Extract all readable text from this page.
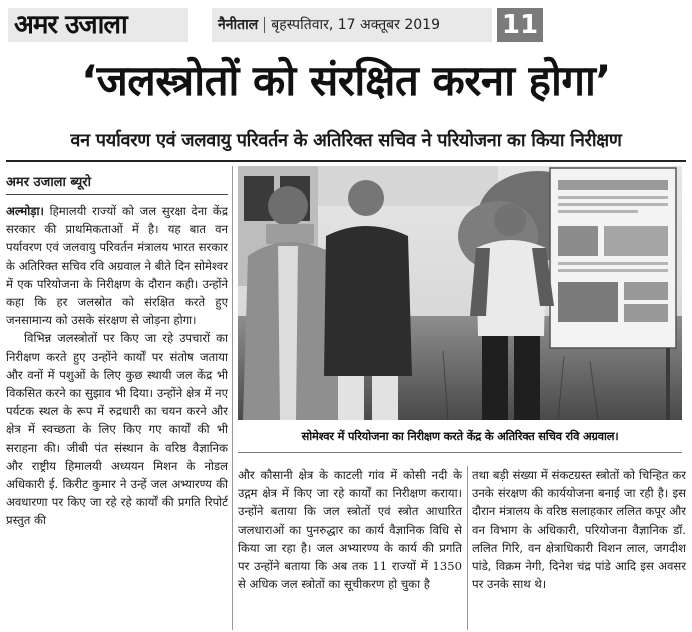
अमर उजाला	नैनीताल बृहस्पतिवार, 17 अक्तूबर 2019	11
‘जलस्त्रोतों को संरक्षित करना होगा’
वन पर्यावरण एवं जलवायु परिवर्तन के अतिरिक्त सचिव ने परियोजना का किया निरीक्षण
अमर उजाला ब्यूरो

अल्मोड़ा। हिमालयी राज्यों को जल सुरक्षा देना केंद्र सरकार की प्राथमिकताओं में है। यह बात वन पर्यावरण एवं जलवायु परिवर्तन मंत्रालय भारत सरकार के अतिरिक्त सचिव रवि अग्रवाल ने बीते दिन सोमेश्वर में एक परियोजना के निरीक्षण के दौरान कही। उन्होंने कहा कि हर जलस्रोत को संरक्षित करते हुए जनसामान्य को उसके संरक्षण से जोड़ना होगा।

विभिन्न जलस्त्रोतों पर किए जा रहे उपचारों का निरीक्षण करते हुए उन्होंने कार्यों पर संतोष जताया और वनों में पशुओं के लिए कुछ स्थायी जल केंद्र भी विकसित करने का सुझाव भी दिया। उन्होंने क्षेत्र में नए पर्यटक स्थल के रूप में रुद्रधारी का चयन करने और क्षेत्र में स्वच्छता के लिए किए गए कार्यों की भी सराहना की। जीबी पंत संस्थान के वरिष्ठ वैज्ञानिक और राष्ट्रीय हिमालयी अध्ययन मिशन के नोडल अधिकारी ई. किरीट कुमार ने उन्हें जल अभ्यारण्य की अवधारणा पर किए जा रहे रहे कार्यों की प्रगति रिपोर्ट प्रस्तुत की

सोमेश्वर में परियोजना का निरीक्षण करते केंद्र के अतिरिक्त सचिव रवि अग्रवाल।

और कौसानी क्षेत्र के काटली गांव में कोसी नदी के उद्गम क्षेत्र में किए जा रहे कार्यों का निरीक्षण कराया। उन्होंने बताया कि जल स्त्रोतों एवं स्त्रोत आधारित जलधाराओं का पुनरुद्धार का कार्य वैज्ञानिक विधि से किया जा रहा है। जल अभ्यारण्य के कार्य की प्रगति पर उन्होंने बताया कि अब तक 11 राज्यों में 1350 से अधिक जल स्त्रोतों का सूचीकरण हो चुका है

तथा बड़ी संख्या में संकटग्रस्त स्त्रोतों को चिन्हित कर उनके संरक्षण की कार्ययोजना बनाई जा रही है। इस दौरान मंत्रालय के वरिष्ठ सलाहकार ललित कपूर और वन विभाग के अधिकारी, परियोजना वैज्ञानिक डॉ. ललित गिरि, वन क्षेत्राधिकारी विशन लाल, जगदीश पांडे, विक्रम नेगी, दिनेश चंद्र पांडे आदि इस अवसर पर उनके साथ थे।
